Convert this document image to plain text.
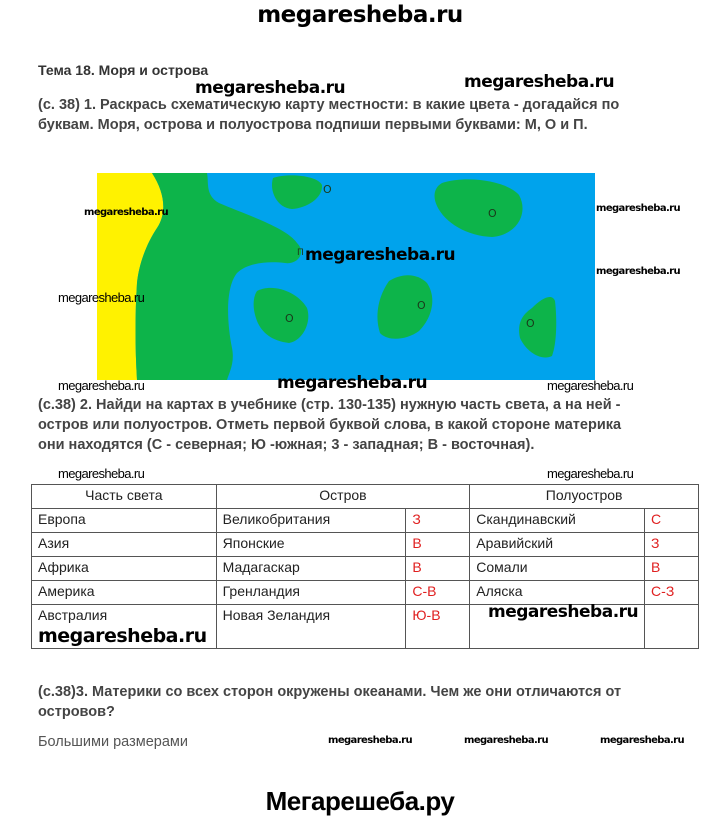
megaresheba.ru
Тема 18. Моря и острова
megaresheba.ru	megaresheba.ru
(с. 38) 1. Раскрась схематическую карту местности: в какие цвета - догадайся по
буквам. Моря, острова и полуострова подпиши первыми буквами: М, О и П.
О
О
П
О
О
О
megaresheba.ru	megaresheba.ru
megaresheba.ru
megaresheba.ru
megaresheba.ru
megaresheba.ru	megaresheba.ru	megaresheba.ru
(с.38) 2. Найди на картах в учебнике (стр. 130-135) нужную часть света, а на ней -
остров или полуостров. Отметь первой буквой слова, в какой стороне материка
они находятся (С - северная; Ю -южная; 3 - западная; В - восточная).
megaresheba.ru	megaresheba.ru
Часть света	Остров		Полуостров	
Европа	Великобритания	З	Скандинавский	С
Азия	Японские	В	Аравийский	З
Африка	Мадагаскар	В	Сомали	В
Америка	Гренландия	С-В	Аляска	С-З
Австралия	Новая Зеландия	Ю-В		
megaresheba.ru
megaresheba.ru
(с.38)3. Материки со всех сторон окружены океанами. Чем же они отличаются от
островов?
Большими размерами	megaresheba.ru	megaresheba.ru	megaresheba.ru
Мегарешеба.ру
